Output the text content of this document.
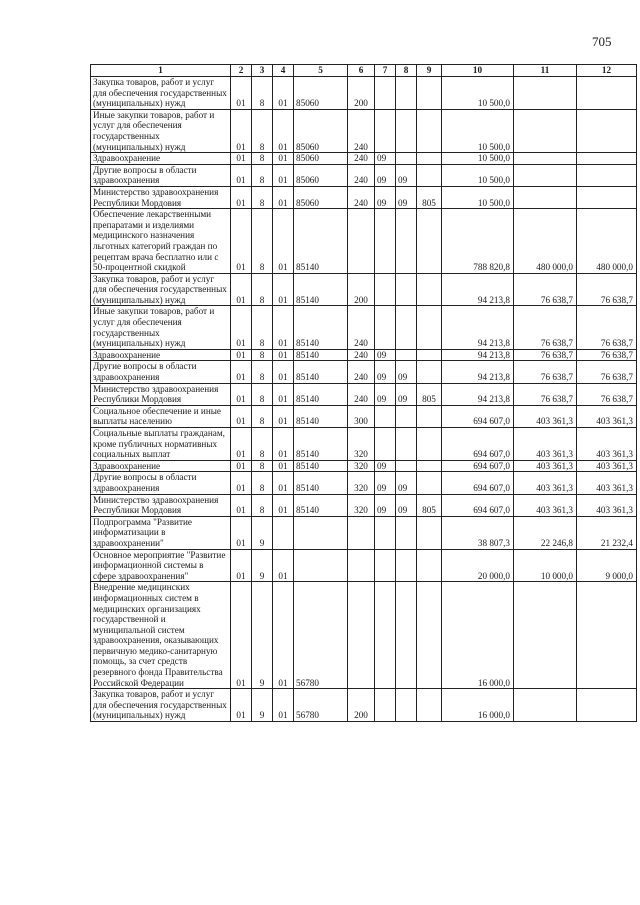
705
1	2	3	4	5	6	7	8	9	10	11	12
Закупка товаров, работ и услуг для обеспечения государственных (муниципальных) нужд	01	8	01	85060	200				10 500,0		
Иные закупки товаров, работ и услуг для обеспечения государственных (муниципальных) нужд	01	8	01	85060	240				10 500,0		
Здравоохранение	01	8	01	85060	240	09			10 500,0		
Другие вопросы в области здравоохранения	01	8	01	85060	240	09	09		10 500,0		
Министерство здравоохранения Республики Мордовия	01	8	01	85060	240	09	09	805	10 500,0		
Обеспечение лекарственными препаратами и изделиями медицинского назначения льготных категорий граждан по рецептам врача бесплатно или с 50-процентной скидкой	01	8	01	85140					788 820,8	480 000,0	480 000,0
Закупка товаров, работ и услуг для обеспечения государственных (муниципальных) нужд	01	8	01	85140	200				94 213,8	76 638,7	76 638,7
Иные закупки товаров, работ и услуг для обеспечения государственных (муниципальных) нужд	01	8	01	85140	240				94 213,8	76 638,7	76 638,7
Здравоохранение	01	8	01	85140	240	09			94 213,8	76 638,7	76 638,7
Другие вопросы в области здравоохранения	01	8	01	85140	240	09	09		94 213,8	76 638,7	76 638,7
Министерство здравоохранения Республики Мордовия	01	8	01	85140	240	09	09	805	94 213,8	76 638,7	76 638,7
Социальное обеспечение и иные выплаты населению	01	8	01	85140	300				694 607,0	403 361,3	403 361,3
Социальные выплаты гражданам, кроме публичных нормативных социальных выплат	01	8	01	85140	320				694 607,0	403 361,3	403 361,3
Здравоохранение	01	8	01	85140	320	09			694 607,0	403 361,3	403 361,3
Другие вопросы в области здравоохранения	01	8	01	85140	320	09	09		694 607,0	403 361,3	403 361,3
Министерство здравоохранения Республики Мордовия	01	8	01	85140	320	09	09	805	694 607,0	403 361,3	403 361,3
Подпрограмма "Развитие информатизации в здравоохранении"	01	9							38 807,3	22 246,8	21 232,4
Основное мероприятие "Развитие информационной системы в сфере здравоохранения"	01	9	01						20 000,0	10 000,0	9 000,0
Внедрение медицинских информационных систем в медицинских организациях государственной и муниципальной систем здравоохранения, оказывающих первичную медико-санитарную помощь, за счет средств резервного фонда Правительства Российской Федерации	01	9	01	56780					16 000,0		
Закупка товаров, работ и услуг для обеспечения государственных (муниципальных) нужд	01	9	01	56780	200				16 000,0		
